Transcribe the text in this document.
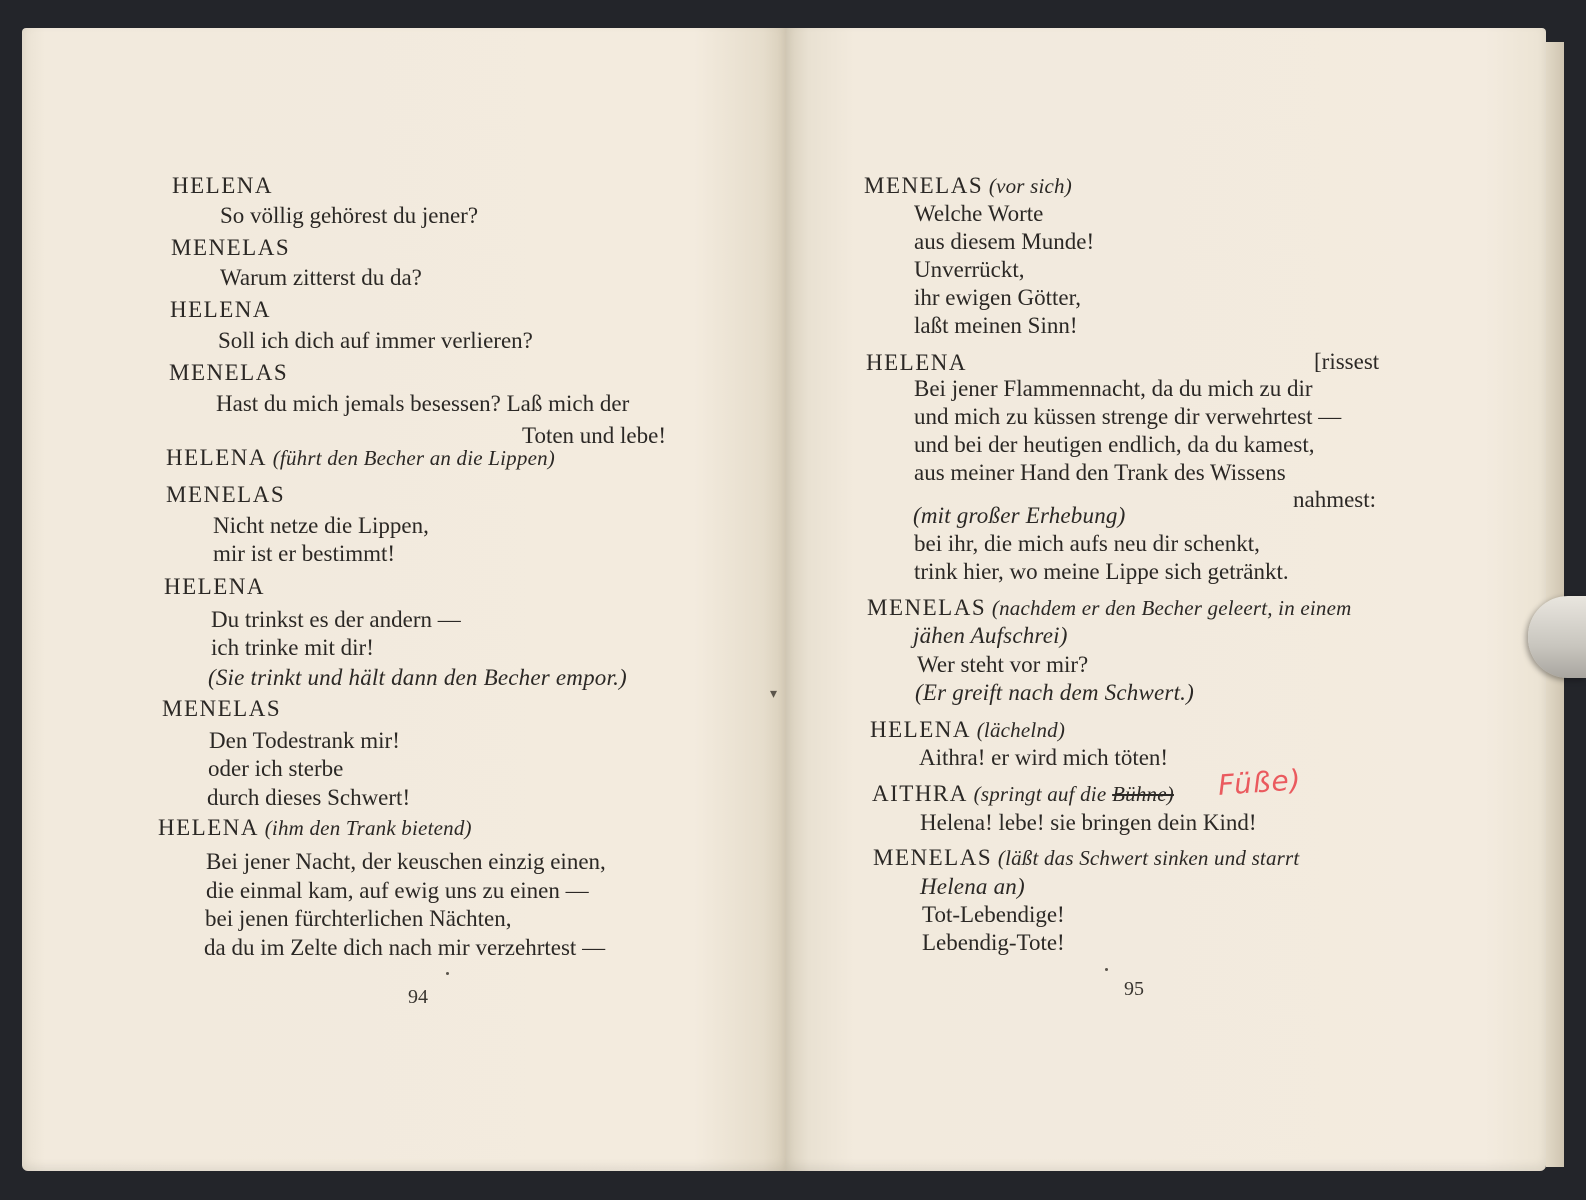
HELENA
So völlig gehörest du jener?
MENELAS
Warum zitterst du da?
HELENA
Soll ich dich auf immer verlieren?
MENELAS
Hast du mich jemals besessen? Laß mich der
Toten und lebe!
HELENA (führt den Becher an die Lippen)
MENELAS
Nicht netze die Lippen,
mir ist er bestimmt!
HELENA
Du trinkst es der andern —
ich trinke mit dir!
(Sie trinkt und hält dann den Becher empor.)
MENELAS
Den Todestrank mir!
oder ich sterbe
durch dieses Schwert!
HELENA (ihm den Trank bietend)
Bei jener Nacht, der keuschen einzig einen,
die einmal kam, auf ewig uns zu einen —
bei jenen fürchterlichen Nächten,
da du im Zelte dich nach mir verzehrtest —
94
MENELAS (vor sich)
Welche Worte
aus diesem Munde!
Unverrückt,
ihr ewigen Götter,
laßt meinen Sinn!
HELENA	[rissest
Bei jener Flammennacht, da du mich zu dir
und mich zu küssen strenge dir verwehrtest —
und bei der heutigen endlich, da du kamest,
aus meiner Hand den Trank des Wissens
nahmest:
(mit großer Erhebung)
bei ihr, die mich aufs neu dir schenkt,
trink hier, wo meine Lippe sich getränkt.
MENELAS (nachdem er den Becher geleert, in einem
jähen Aufschrei)
Wer steht vor mir?
(Er greift nach dem Schwert.)
HELENA (lächelnd)
Aithra! er wird mich töten!
AITHRA (springt auf die Bühne) Füße)
Helena! lebe! sie bringen dein Kind!
MENELAS (läßt das Schwert sinken und starrt
Helena an)
Tot-Lebendige!
Lebendig-Tote!
95
▾
